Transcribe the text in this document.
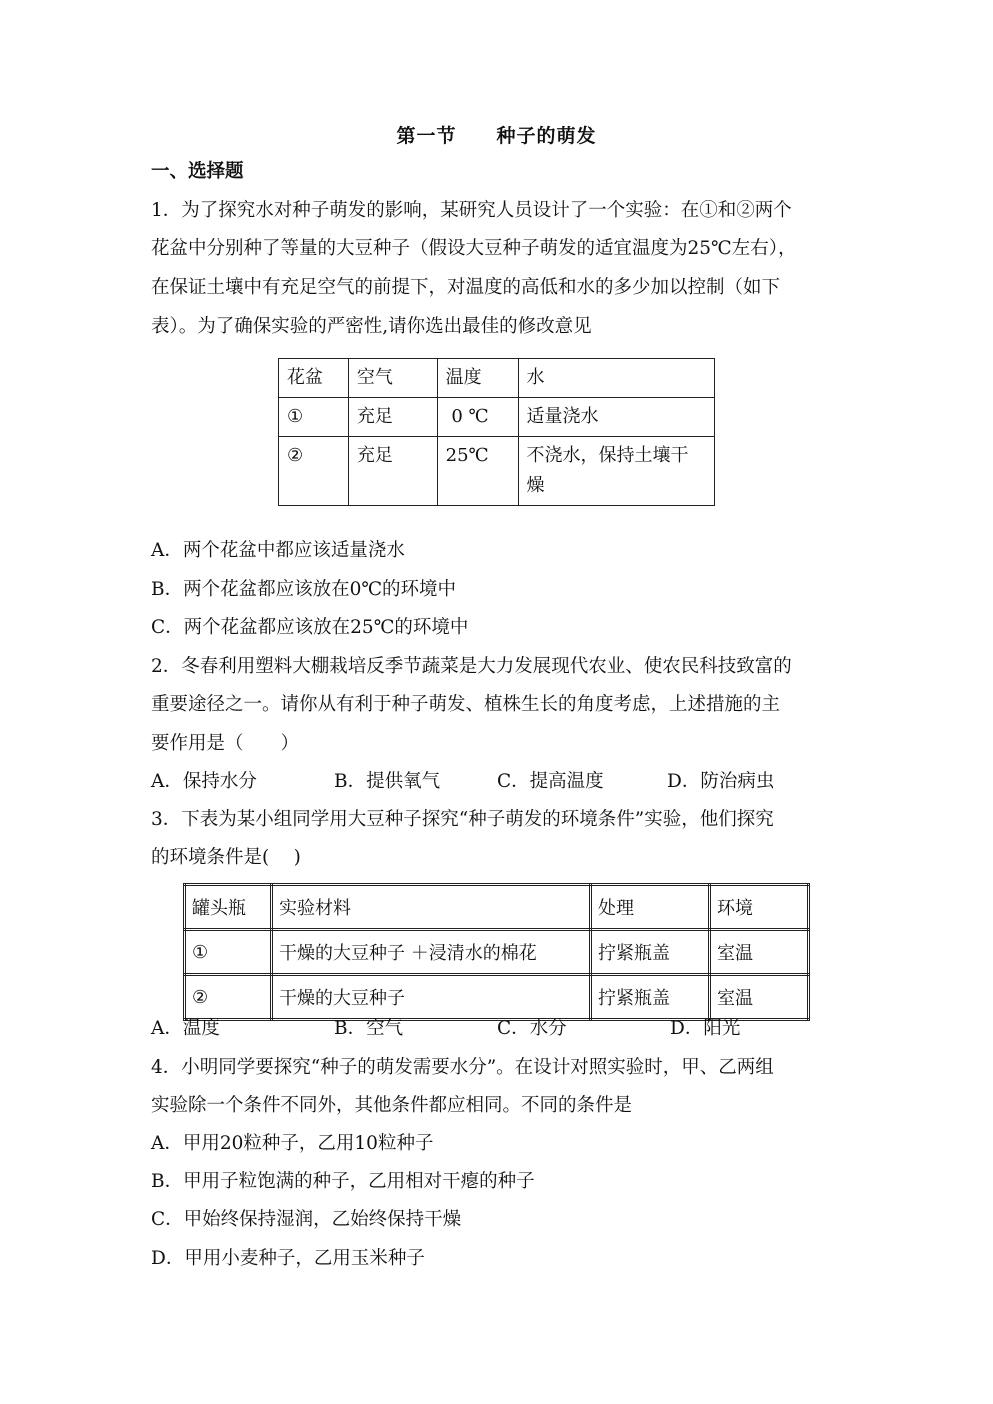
第一节 种子的萌发
一、选择题
1．为了探究水对种子萌发的影响，某研究人员设计了一个实验：在①和②两个
花盆中分别种了等量的大豆种子（假设大豆种子萌发的适宜温度为25℃左右），
在保证土壤中有充足空气的前提下，对温度的高低和水的多少加以控制（如下
表）。为了确保实验的严密性,请你选出最佳的修改意见
花盆	空气	温度	水
①	充足	0 ℃	适量浇水
②	充足	25℃	不浇水，保持土壤干燥
A．两个花盆中都应该适量浇水
B．两个花盆都应该放在0℃的环境中
C．两个花盆都应该放在25℃的环境中
2．冬春利用塑料大棚栽培反季节蔬菜是大力发展现代农业、使农民科技致富的
重要途径之一。请你从有利于种子萌发、植株生长的角度考虑，上述措施的主
要作用是（　　）
A．保持水分	B．提供氧气	C．提高温度	D．防治病虫
3．下表为某小组同学用大豆种子探究“种子萌发的环境条件”实验，他们探究
的环境条件是(　 )
罐头瓶	实验材料	处理	环境
①	干燥的大豆种子 ＋浸清水的棉花	拧紧瓶盖	室温
②	干燥的大豆种子	拧紧瓶盖	室温
A．温度	B．空气	C．水分	D．阳光
4．小明同学要探究“种子的萌发需要水分”。在设计对照实验时，甲、乙两组
实验除一个条件不同外，其他条件都应相同。不同的条件是
A．甲用20粒种子，乙用10粒种子
B．甲用子粒饱满的种子，乙用相对干瘪的种子
C．甲始终保持湿润，乙始终保持干燥
D．甲用小麦种子，乙用玉米种子
